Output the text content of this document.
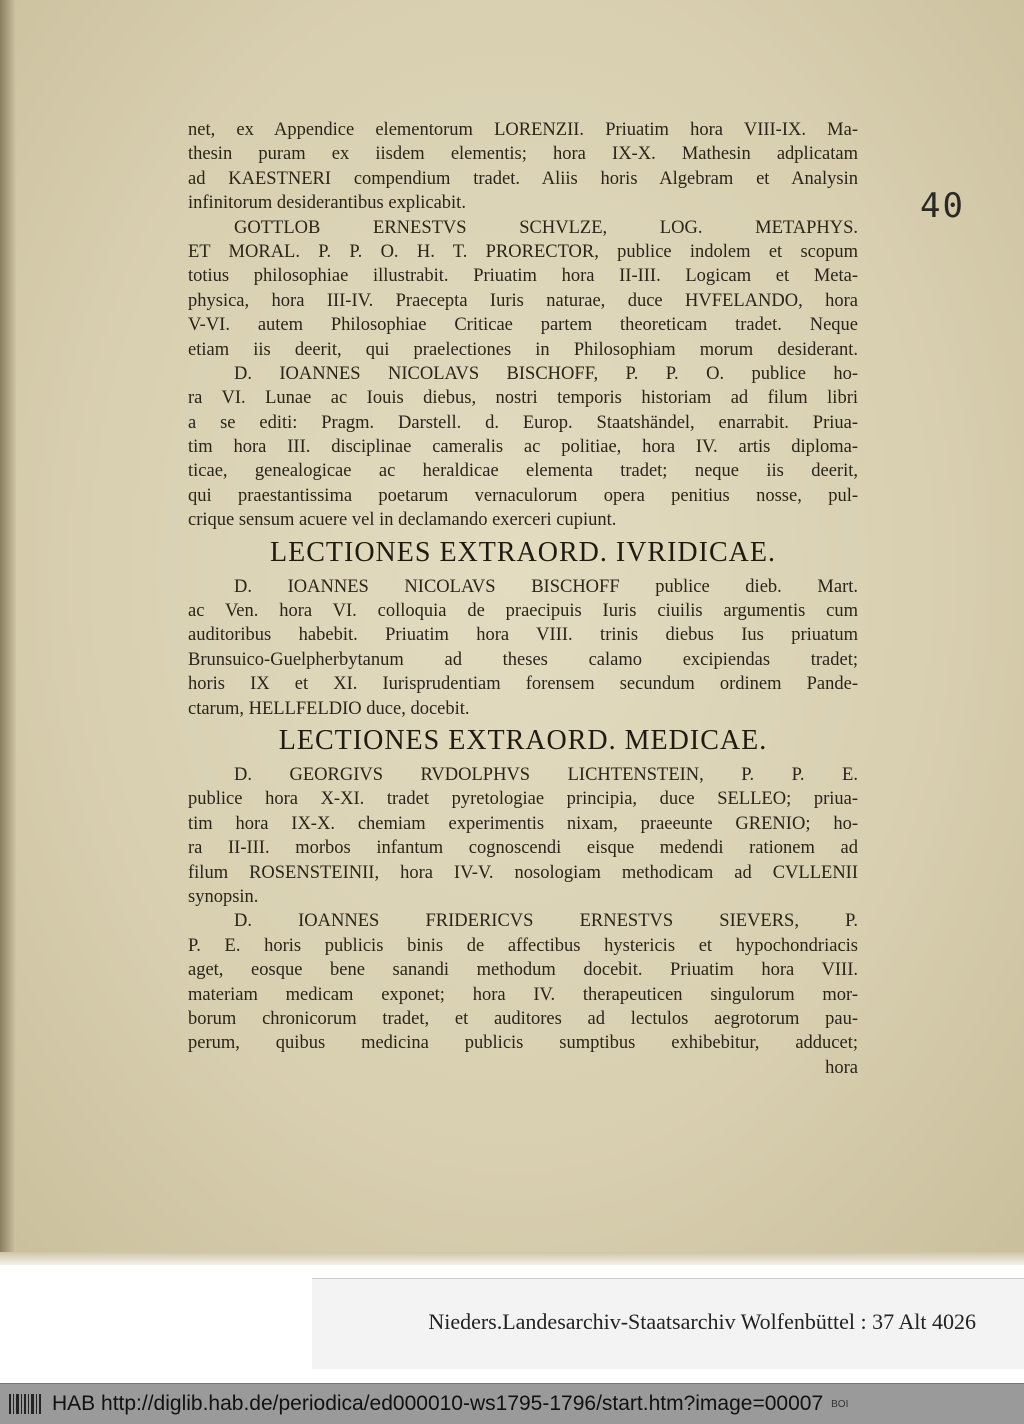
40
net, ex Appendice elementorum LORENZII. Priuatim hora VIII-IX. Ma-
thesin puram ex iisdem elementis; hora IX-X. Mathesin adplicatam
ad KAESTNERI compendium tradet. Aliis horis Algebram et Analysin
infinitorum desiderantibus explicabit.
GOTTLOB ERNESTVS SCHVLZE, LOG. METAPHYS.
ET MORAL. P. P. O. H. T. PRORECTOR, publice indolem et scopum
totius philosophiae illustrabit. Priuatim hora II-III. Logicam et Meta-
physica, hora III-IV. Praecepta Iuris naturae, duce HVFELANDO, hora
V-VI. autem Philosophiae Criticae partem theoreticam tradet. Neque
etiam iis deerit, qui praelectiones in Philosophiam morum desiderant.
D. IOANNES NICOLAVS BISCHOFF, P. P. O. publice ho-
ra VI. Lunae ac Iouis diebus, nostri temporis historiam ad filum libri
a se editi: Pragm. Darstell. d. Europ. Staatshändel, enarrabit. Priua-
tim hora III. disciplinae cameralis ac politiae, hora IV. artis diploma-
ticae, genealogicae ac heraldicae elementa tradet; neque iis deerit,
qui praestantissima poetarum vernaculorum opera penitius nosse, pul-
crique sensum acuere vel in declamando exerceri cupiunt.
LECTIONES EXTRAORD. IVRIDICAE.
D. IOANNES NICOLAVS BISCHOFF publice dieb. Mart.
ac Ven. hora VI. colloquia de praecipuis Iuris ciuilis argumentis cum
auditoribus habebit. Priuatim hora VIII. trinis diebus Ius priuatum
Brunsuico-Guelpherbytanum ad theses calamo excipiendas tradet;
horis IX et XI. Iurisprudentiam forensem secundum ordinem Pande-
ctarum, HELLFELDIO duce, docebit.
LECTIONES EXTRAORD. MEDICAE.
D. GEORGIVS RVDOLPHVS LICHTENSTEIN, P. P. E.
publice hora X-XI. tradet pyretologiae principia, duce SELLEO; priua-
tim hora IX-X. chemiam experimentis nixam, praeeunte GRENIO; ho-
ra II-III. morbos infantum cognoscendi eisque medendi rationem ad
filum ROSENSTEINII, hora IV-V. nosologiam methodicam ad CVLLENII
synopsin.
D. IOANNES FRIDERICVS ERNESTVS SIEVERS, P.
P. E. horis publicis binis de affectibus hystericis et hypochondriacis
aget, eosque bene sanandi methodum docebit. Priuatim hora VIII.
materiam medicam exponet; hora IV. therapeuticen singulorum mor-
borum chronicorum tradet, et auditores ad lectulos aegrotorum pau-
perum, quibus medicina publicis sumptibus exhibebitur, adducet;
hora
Nieders.Landesarchiv-Staatsarchiv Wolfenbüttel : 37 Alt 4026
HAB
http://diglib.hab.de/periodica/ed000010-ws1795-1796/start.htm?image=00007 BOI
